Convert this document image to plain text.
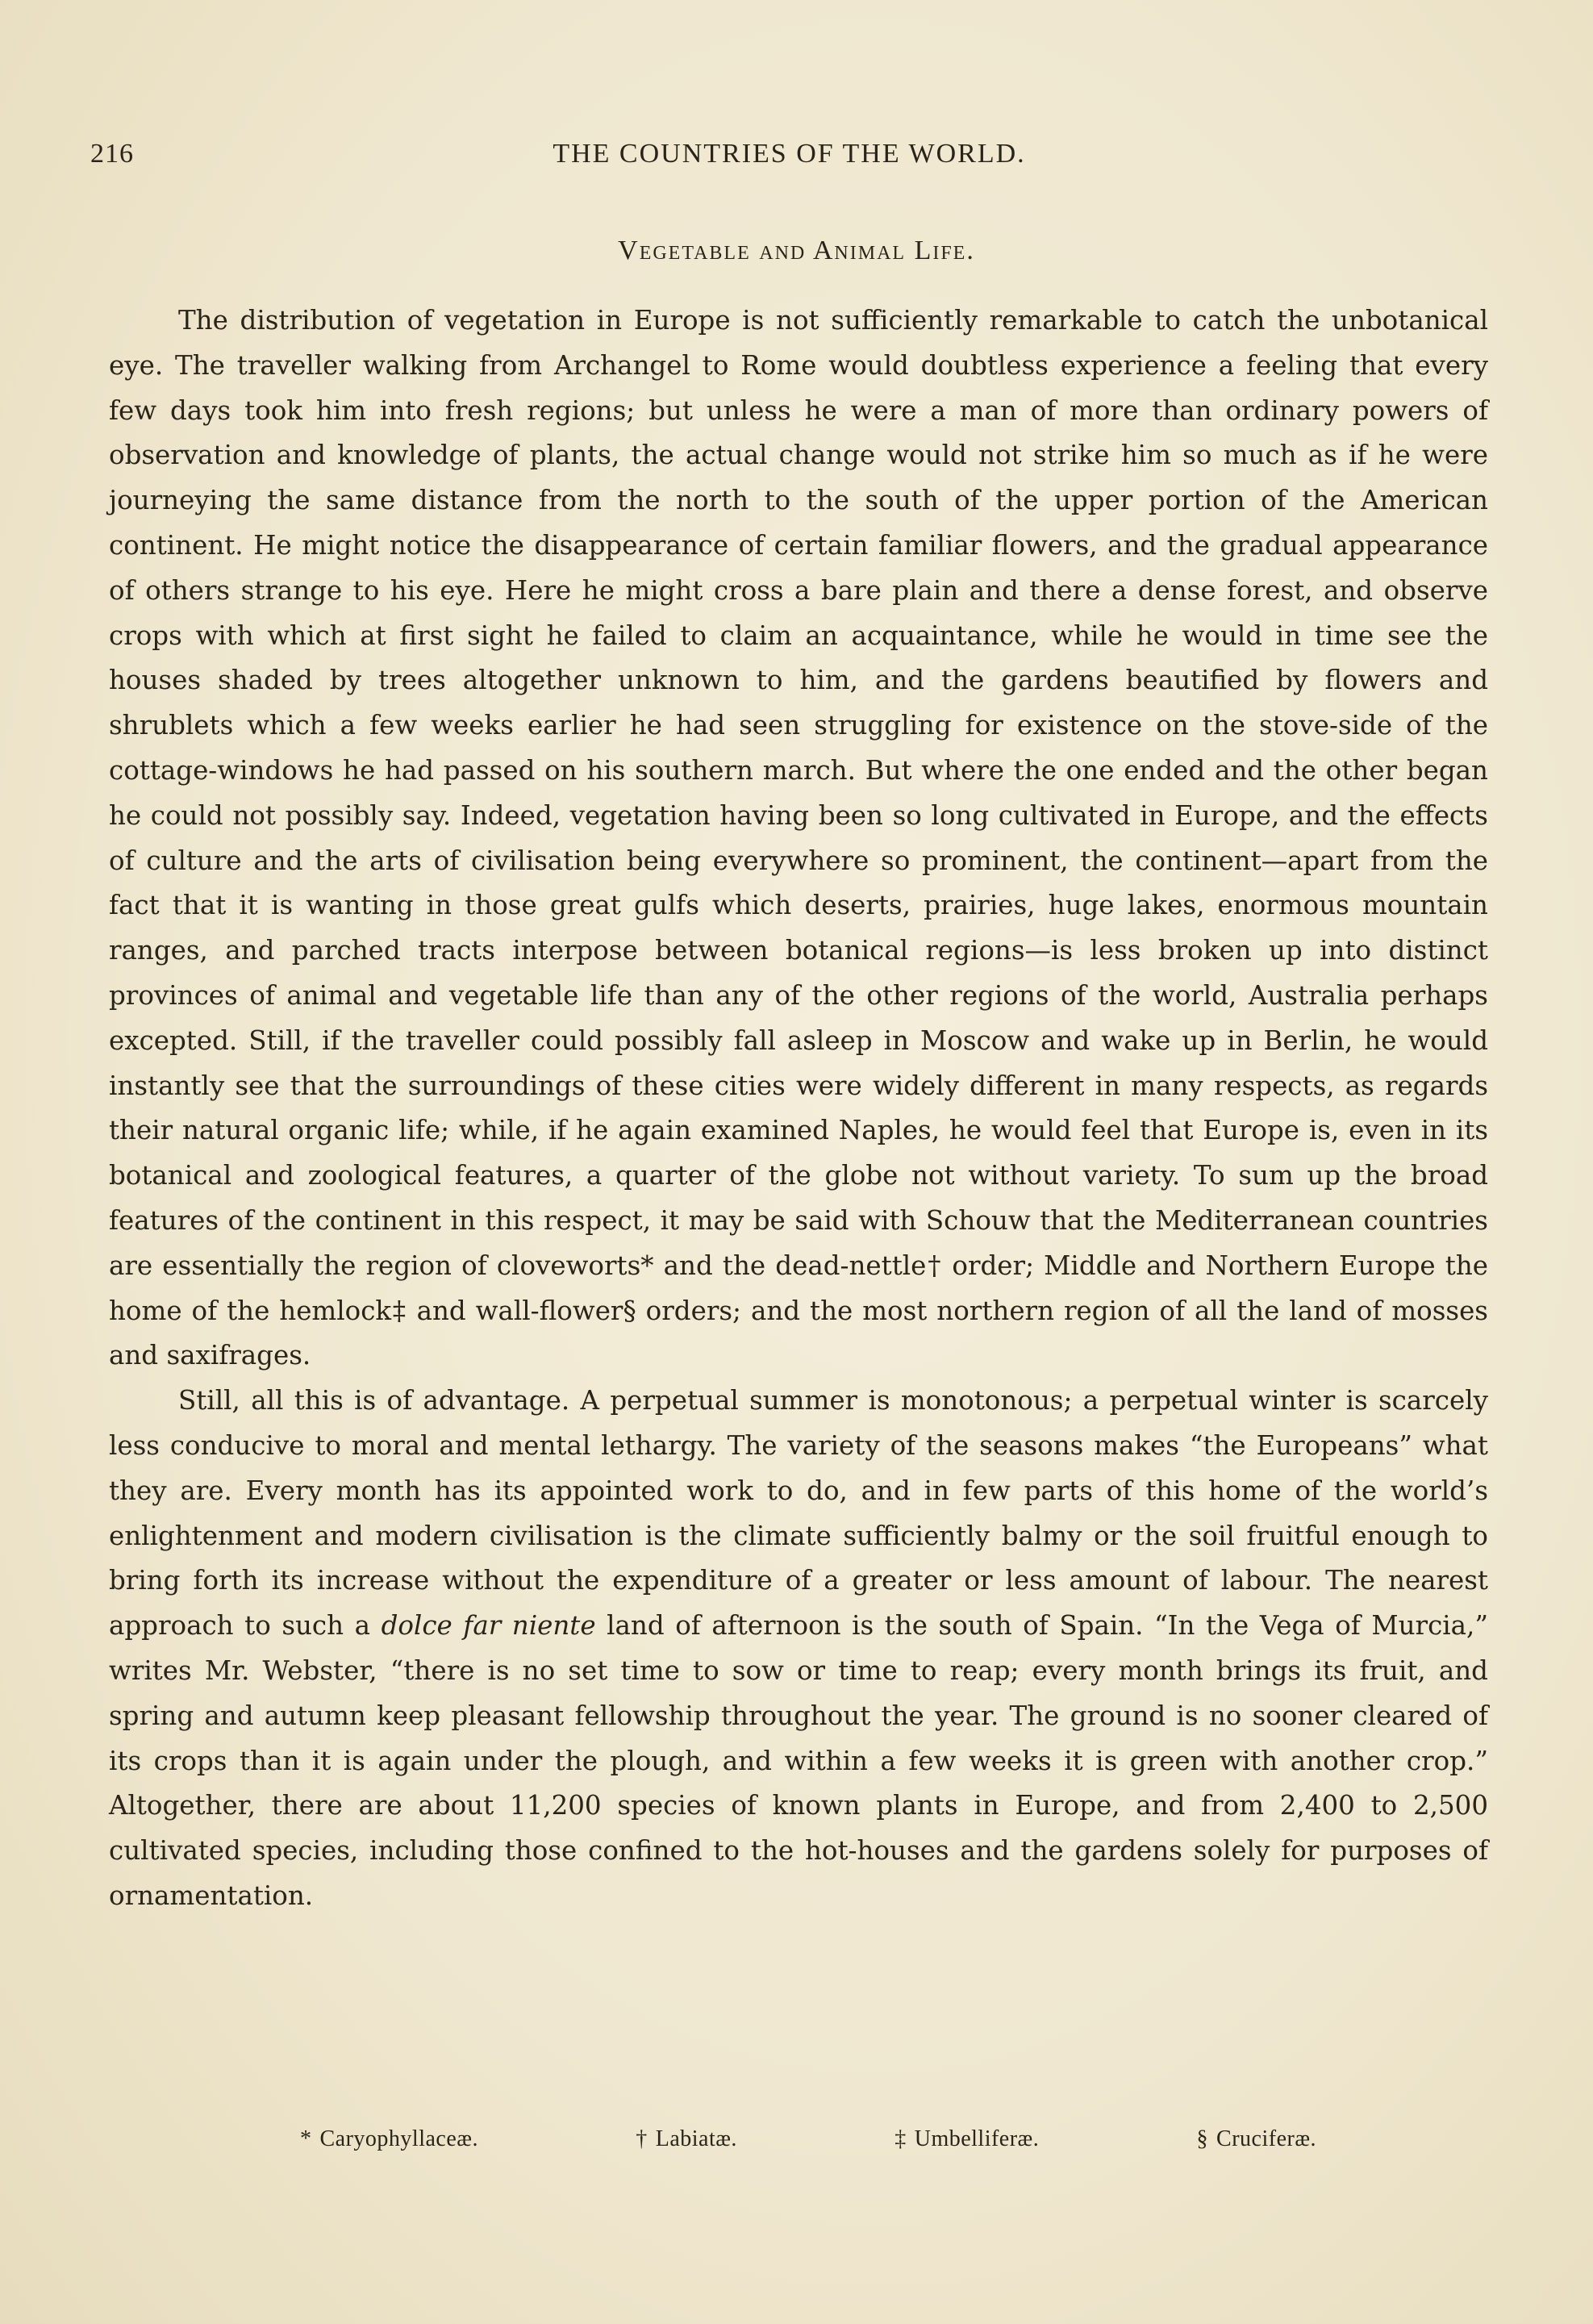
216	THE COUNTRIES OF THE WORLD.
Vegetable and Animal Life.

The distribution of vegetation in Europe is not sufficiently remarkable to catch the unbotanical eye. The traveller walking from Archangel to Rome would doubtless experience a feeling that every few days took him into fresh regions; but unless he were a man of more than ordinary powers of observation and knowledge of plants, the actual change would not strike him so much as if he were journeying the same distance from the north to the south of the upper portion of the American continent. He might notice the disappearance of certain familiar flowers, and the gradual appearance of others strange to his eye. Here he might cross a bare plain and there a dense forest, and observe crops with which at first sight he failed to claim an acquaintance, while he would in time see the houses shaded by trees altogether unknown to him, and the gardens beautified by flowers and shrublets which a few weeks earlier he had seen struggling for existence on the stove-side of the cottage-windows he had passed on his southern march. But where the one ended and the other began he could not possibly say. Indeed, vegetation having been so long cultivated in Europe, and the effects of culture and the arts of civilisation being everywhere so prominent, the continent—apart from the fact that it is wanting in those great gulfs which deserts, prairies, huge lakes, enormous mountain ranges, and parched tracts interpose between botanical regions—is less broken up into distinct provinces of animal and vegetable life than any of the other regions of the world, Australia perhaps excepted. Still, if the traveller could possibly fall asleep in Moscow and wake up in Berlin, he would instantly see that the surroundings of these cities were widely different in many respects, as regards their natural organic life; while, if he again examined Naples, he would feel that Europe is, even in its botanical and zoological features, a quarter of the globe not without variety. To sum up the broad features of the continent in this respect, it may be said with Schouw that the Mediterranean countries are essentially the region of cloveworts* and the dead-nettle† order; Middle and Northern Europe the home of the hemlock‡ and wall-flower§ orders; and the most northern region of all the land of mosses and saxifrages.

Still, all this is of advantage. A perpetual summer is monotonous; a perpetual winter is scarcely less conducive to moral and mental lethargy. The variety of the seasons makes “the Europeans” what they are. Every month has its appointed work to do, and in few parts of this home of the world’s enlightenment and modern civilisation is the climate sufficiently balmy or the soil fruitful enough to bring forth its increase without the expenditure of a greater or less amount of labour. The nearest approach to such a dolce far niente land of afternoon is the south of Spain. “In the Vega of Murcia,” writes Mr. Webster, “there is no set time to sow or time to reap; every month brings its fruit, and spring and autumn keep pleasant fellowship throughout the year. The ground is no sooner cleared of its crops than it is again under the plough, and within a few weeks it is green with another crop.” Altogether, there are about 11,200 species of known plants in Europe, and from 2,400 to 2,500 cultivated species, including those confined to the hot-houses and the gardens solely for purposes of ornamentation.

* Caryophyllaceæ.	† Labiatæ.	‡ Umbelliferæ.	§ Cruciferæ.
